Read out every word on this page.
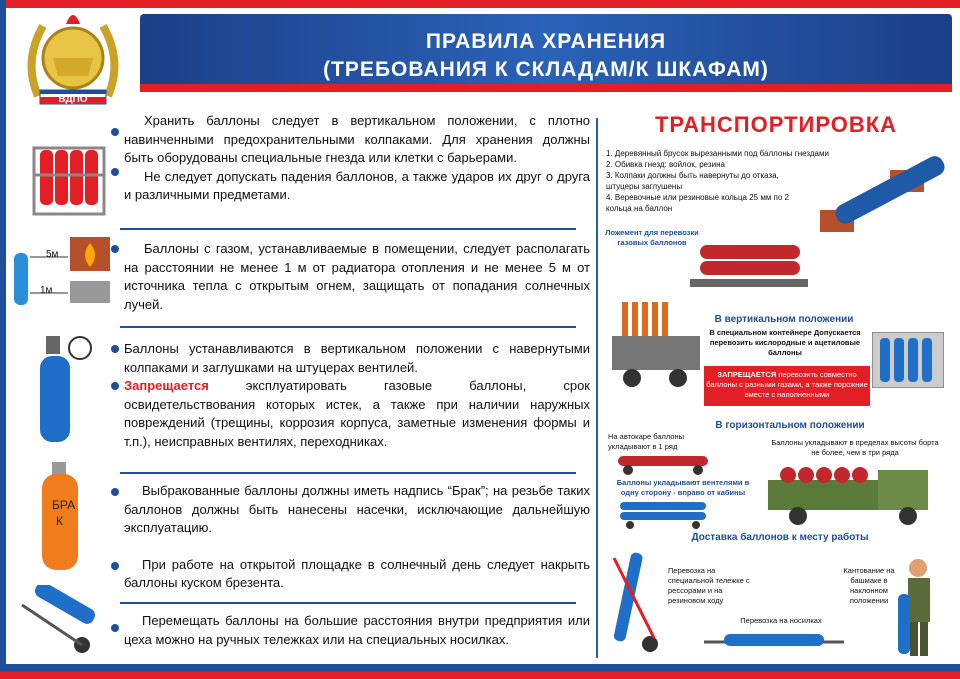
ВДПО
ПРАВИЛА ХРАНЕНИЯ
(ТРЕБОВАНИЯ К СКЛАДАМ/К ШКАФАМ)
5м
1м
БРА
К

Хранить баллоны следует в вертикальном положении, с плотно навинченными предохранительными колпаками. Для хранения должны быть оборудованы специальные гнезда или клетки с барьерами.

Не следует допускать падения баллонов, а также ударов их друг о друга и различными предметами.

Баллоны с газом, устанавливаемые в помещении, следует располагать на расстоянии не менее 1 м от радиатора отопления и не менее 5 м от источника тепла с открытым огнем, защищать от попадания солнечных лучей.

Баллоны устанавливаются в вертикальном положении с навернутыми колпаками и заглушками на штуцерах вентилей.

Запрещается эксплуатировать газовые баллоны, срок освидетельствования которых истек, а также при наличии наружных повреждений (трещины, коррозия корпуса, заметные изменения формы и т.п.), неисправных вентилях, переходниках.

Выбракованные баллоны должны иметь надпись “Брак”; на резьбе таких баллонов должны быть нанесены насечки, исключающие дальнейшую эксплуатацию.

При работе на открытой площадке в солнечный день следует накрыть баллоны куском брезента.

Перемещать баллоны на большие расстояния внутри предприятия или цеха можно на ручных тележках или на специальных носилках.

ТРАНСПОРТИРОВКА
1. Деревянный брусок вырезанными под баллоны гнездами
2. Обивка гнезд: войлок, резина
3. Колпаки должны быть навернуты до отказа, штуцеры заглушены
4. Веревочные или резиновые кольца 25 мм по 2 кольца на баллон
Ложемент для перевозки газовых баллонов
В вертикальном положении
В специальном контейнере Допускается перевозить кислородные и ацетиловые баллоны
ЗАПРЕЩАЕТСЯ перевозить совместно баллоны с разными газами, а также порожние вместе с наполненными
В горизонтальном положении
На автокаре баллоны укладывают в 1 ряд	Баллоны укладывают в пределах высоты борта не более, чем в три ряда
Баллоны укладывают вентелями в одну сторону - вправо от кабины
Доставка баллонов к месту работы
Перевозка на специальной тележке с рессорами и на резиновом ходу
Кантование на башмаке в наклонном положении
Перевозка на носилках
